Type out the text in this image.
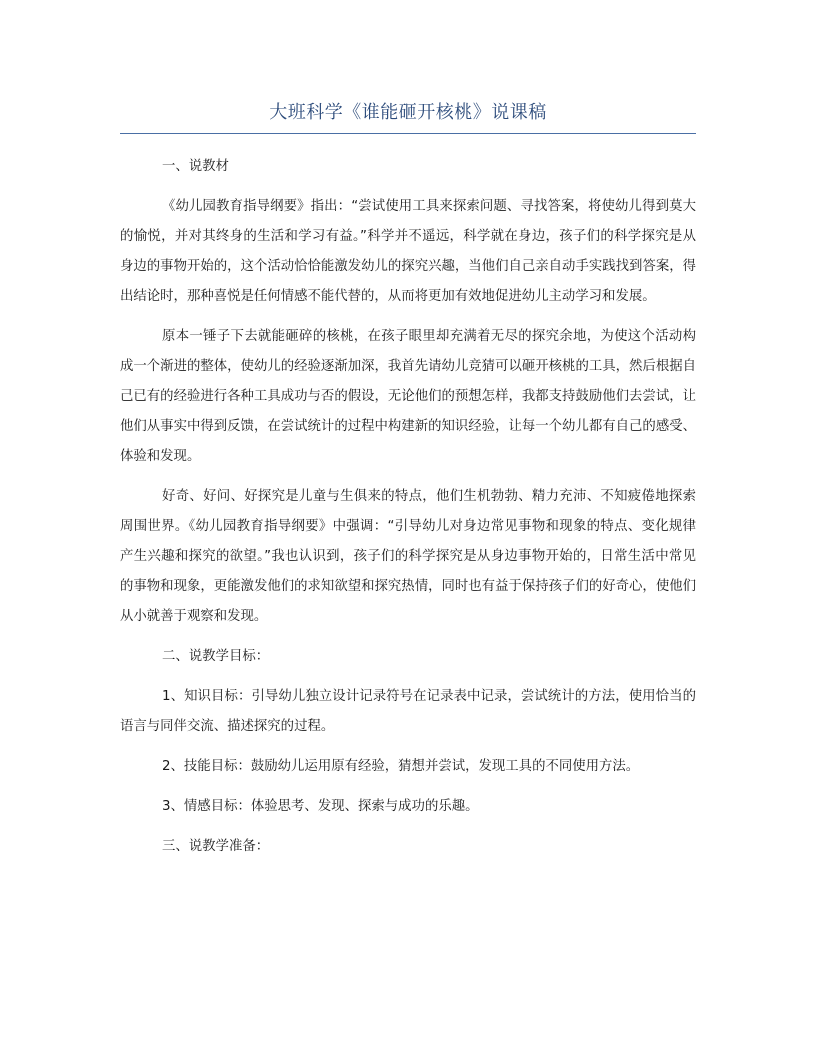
大班科学《谁能砸开核桃》说课稿

一、说教材

《幼儿园教育指导纲要》指出：“尝试使用工具来探索问题、寻找答案，将使幼儿得到莫大的愉悦，并对其终身的生活和学习有益。”科学并不遥远，科学就在身边，孩子们的科学探究是从身边的事物开始的，这个活动恰恰能激发幼儿的探究兴趣，当他们自己亲自动手实践找到答案，得出结论时，那种喜悦是任何情感不能代替的，从而将更加有效地促进幼儿主动学习和发展。

原本一锤子下去就能砸碎的核桃，在孩子眼里却充满着无尽的探究余地，为使这个活动构成一个渐进的整体，使幼儿的经验逐渐加深，我首先请幼儿竞猜可以砸开核桃的工具，然后根据自己已有的经验进行各种工具成功与否的假设，无论他们的预想怎样，我都支持鼓励他们去尝试，让他们从事实中得到反馈，在尝试统计的过程中构建新的知识经验，让每一个幼儿都有自己的感受、体验和发现。

好奇、好问、好探究是儿童与生俱来的特点，他们生机勃勃、精力充沛、不知疲倦地探索周围世界。《幼儿园教育指导纲要》中强调：“引导幼儿对身边常见事物和现象的特点、变化规律产生兴趣和探究的欲望。”我也认识到，孩子们的科学探究是从身边事物开始的，日常生活中常见的事物和现象，更能激发他们的求知欲望和探究热情，同时也有益于保持孩子们的好奇心，使他们从小就善于观察和发现。

二、说教学目标：

1、知识目标：引导幼儿独立设计记录符号在记录表中记录，尝试统计的方法，使用恰当的语言与同伴交流、描述探究的过程。

2、技能目标：鼓励幼儿运用原有经验，猜想并尝试，发现工具的不同使用方法。

3、情感目标：体验思考、发现、探索与成功的乐趣。

三、说教学准备：
